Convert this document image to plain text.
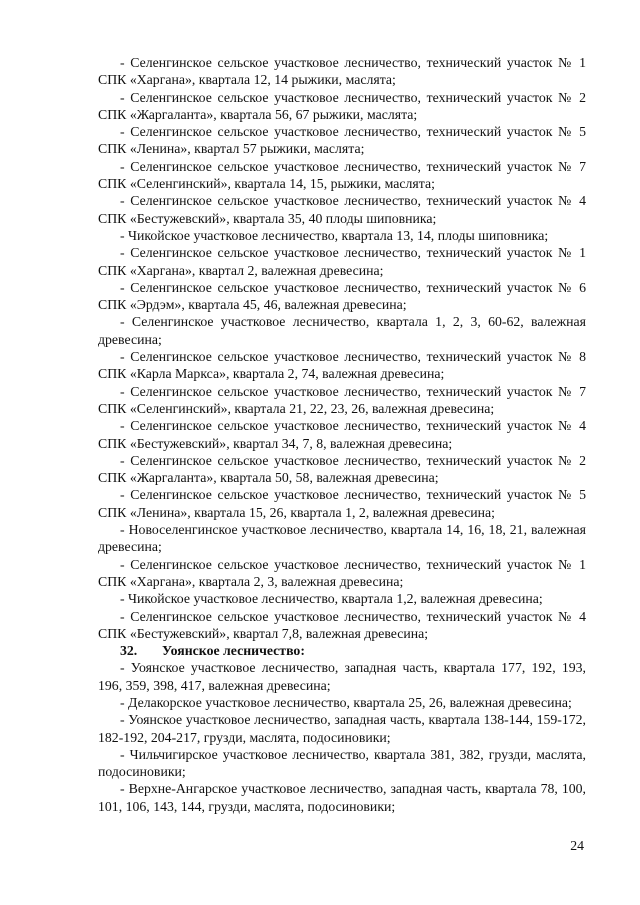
- Селенгинское сельское участковое лесничество, технический участок № 1 СПК «Харгана», квартала 12, 14 рыжики, маслята;

- Селенгинское сельское участковое лесничество, технический участок № 2 СПК «Жаргаланта», квартала 56, 67 рыжики, маслята;

- Селенгинское сельское участковое лесничество, технический участок № 5 СПК «Ленина», квартал 57 рыжики, маслята;

- Селенгинское сельское участковое лесничество, технический участок № 7 СПК «Селенгинский», квартала 14, 15, рыжики, маслята;

- Селенгинское сельское участковое лесничество, технический участок № 4 СПК «Бестужевский», квартала 35, 40 плоды шиповника;

- Чикойское участковое лесничество, квартала 13, 14, плоды шиповника;

- Селенгинское сельское участковое лесничество, технический участок № 1 СПК «Харгана», квартал 2, валежная древесина;

- Селенгинское сельское участковое лесничество, технический участок № 6 СПК «Эрдэм», квартала 45, 46, валежная древесина;

- Селенгинское участковое лесничество, квартала 1, 2, 3, 60-62, валежная древесина;

- Селенгинское сельское участковое лесничество, технический участок № 8 СПК «Карла Маркса», квартала 2, 74, валежная древесина;

- Селенгинское сельское участковое лесничество, технический участок № 7 СПК «Селенгинский», квартала 21, 22, 23, 26, валежная древесина;

- Селенгинское сельское участковое лесничество, технический участок № 4 СПК «Бестужевский», квартал 34, 7, 8, валежная древесина;

- Селенгинское сельское участковое лесничество, технический участок № 2 СПК «Жаргаланта», квартала 50, 58, валежная древесина;

- Селенгинское сельское участковое лесничество, технический участок № 5 СПК «Ленина», квартала 15, 26, квартала 1, 2, валежная древесина;

- Новоселенгинское участковое лесничество, квартала 14, 16, 18, 21, валежная древесина;

- Селенгинское сельское участковое лесничество, технический участок № 1 СПК «Харгана», квартала 2, 3, валежная древесина;

- Чикойское участковое лесничество, квартала 1,2, валежная древесина;

- Селенгинское сельское участковое лесничество, технический участок № 4 СПК «Бестужевский», квартал 7,8, валежная древесина;

32. Уоянское лесничество:

- Уоянское участковое лесничество, западная часть, квартала 177, 192, 193, 196, 359, 398, 417, валежная древесина;

- Делакорское участковое лесничество, квартала 25, 26, валежная древесина;

- Уоянское участковое лесничество, западная часть, квартала 138-144, 159-172, 182-192, 204-217, грузди, маслята, подосиновики;

- Чильчигирское участковое лесничество, квартала 381, 382, грузди, маслята, подосиновики;

- Верхне-Ангарское участковое лесничество, западная часть, квартала 78, 100, 101, 106, 143, 144, грузди, маслята, подосиновики;

24
